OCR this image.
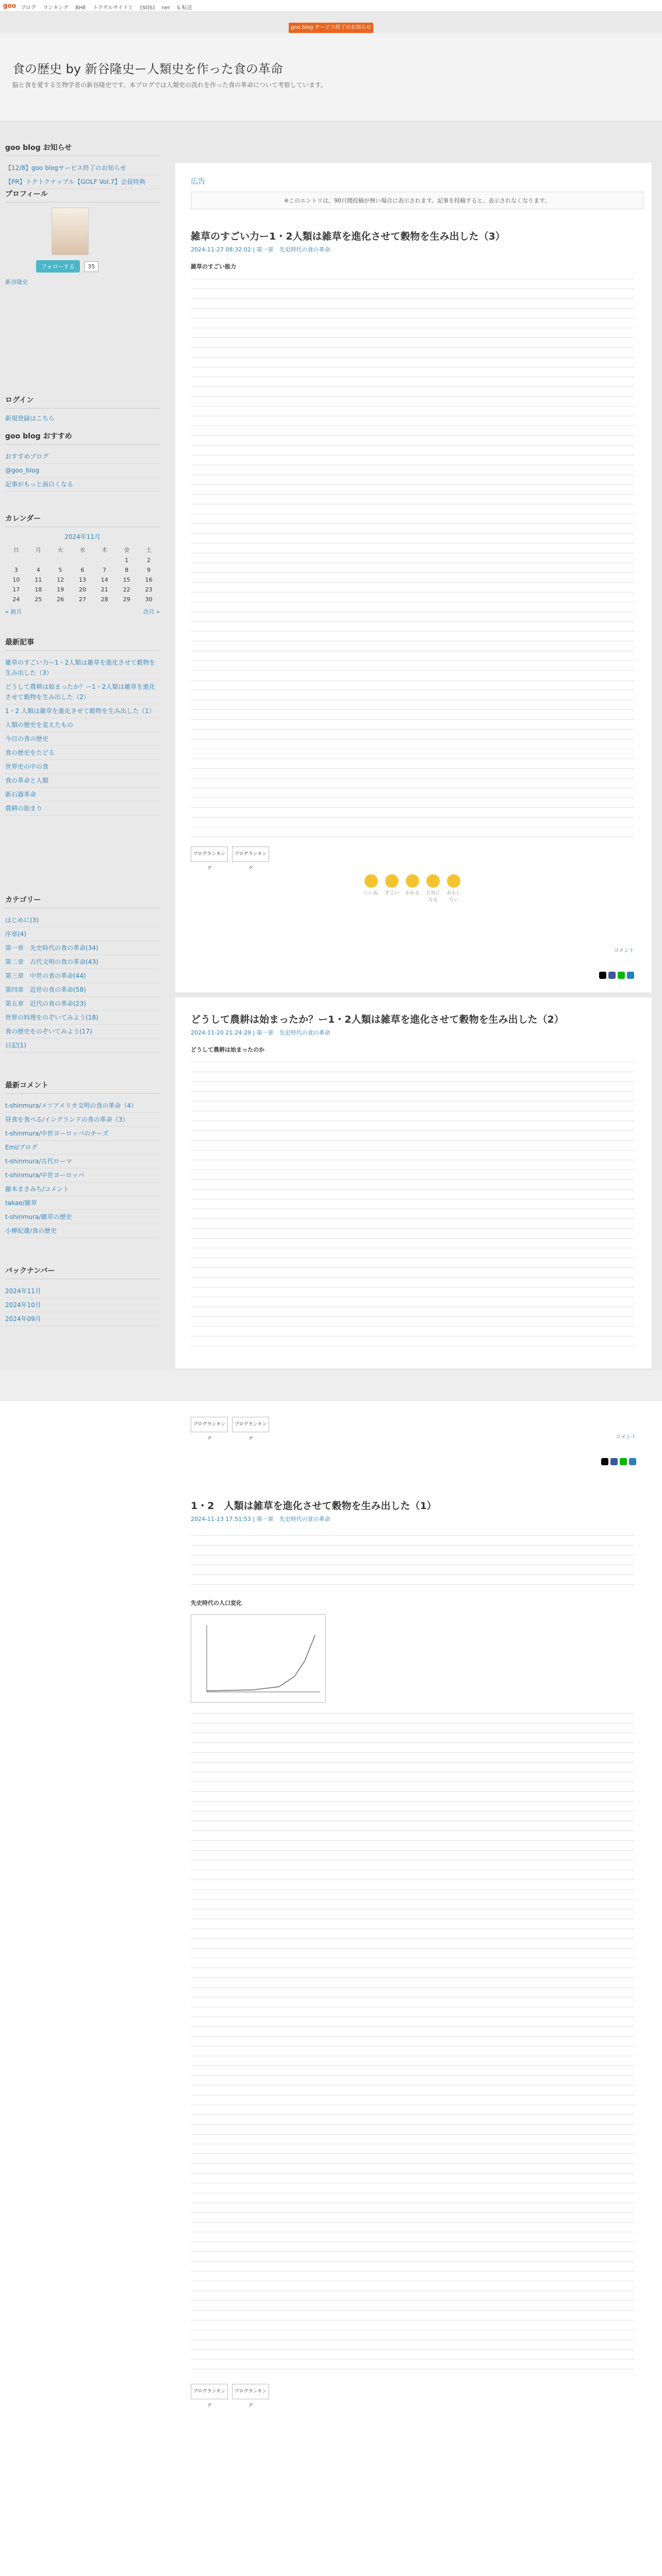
goo ブログ ランキング BHE トクサルサイトと [SOS] ner S 転送
goo blog サービス終了のお知らせ
食の歴史 by 新谷隆史ー人類史を作った食の革命

脳と食を愛する生物学者の新谷隆史です。本ブログでは人類史の流れを作った食の革命について考察しています。

goo blog お知らせ
【12/8】goo blogサービス終了のお知らせ
【PR】トクトクナップル【GOLF Vol.7】会員特典
プロフィール
フォローする 35
新谷隆史
ログイン
新規登録はこちら
goo blog おすすめ
おすすめブログ
@goo_blog
記事がもっと面白くなる
カレンダー
2024年11月
日	月	火	水	木	金	土
					1	2
3	4	5	6	7	8	9
10	11	12	13	14	15	16
17	18	19	20	21	22	23
24	25	26	27	28	29	30
« 前月	次月 »
最新記事
雑草のすごい力ー1・2人類は雑草を進化させて穀物を生み出した（3）
どうして農耕は始まったか？ー1・2人類は雑草を進化させて穀物を生み出した（2）
1・2 人類は雑草を進化させて穀物を生み出した（1）
人類の歴史を変えたもの
今日の食の歴史
食の歴史をたどる
世界史の中の食
食の革命と人類
新石器革命
農耕の始まり
カテゴリー
はじめに(3)
序章(4)
第一章　先史時代の食の革命(34)
第二章　古代文明の食の革命(43)
第三章　中世の食の革命(44)
第四章　近世の食の革命(58)
第五章　近代の食の革命(23)
世界の料理をのぞいてみよう(18)
食の歴史をのぞいてみよう(17)
日記(1)
最新コメント
t-shinmura/メソアメリカ文明の食の革命（4）
昼食を食べる/イングランドの食の革命（3）
t-shinmura/中世ヨーロッパのチーズ
Emi/ブログ
t-shinmura/古代ローマ
t-shinmura/中世ヨーロッパ
藤本まさみち/コメント
takae/雑草
t-shinmura/雑草の歴史
小柳紀雄/食の歴史
バックナンバー
2024年11月
2024年10月
2024年09月
広告
※このエントリは、90日間投稿が無い場合に表示されます。記事を投稿すると、表示されなくなります。
雑草のすごい力ー1・2人類は雑草を進化させて穀物を生み出した（3）
2024-11-27 08:32:02 | 第一章　先史時代の食の革命
雑草のすごい能力
ブログランキング
ブログランキング
いいね すごい わかる ためになる
おもしろい
コメント
どうして農耕は始まったか？ー1・2人類は雑草を進化させて穀物を生み出した（2）
2024-11-20 21:24:29 | 第一章　先史時代の食の革命
どうして農耕は始まったのか
ブログランキング
ブログランキング	コメント
1・2　人類は雑草を進化させて穀物を生み出した（1）
2024-11-13 17:51:53 | 第一章　先史時代の食の革命
先史時代の人口変化
ブログランキング
ブログランキング
